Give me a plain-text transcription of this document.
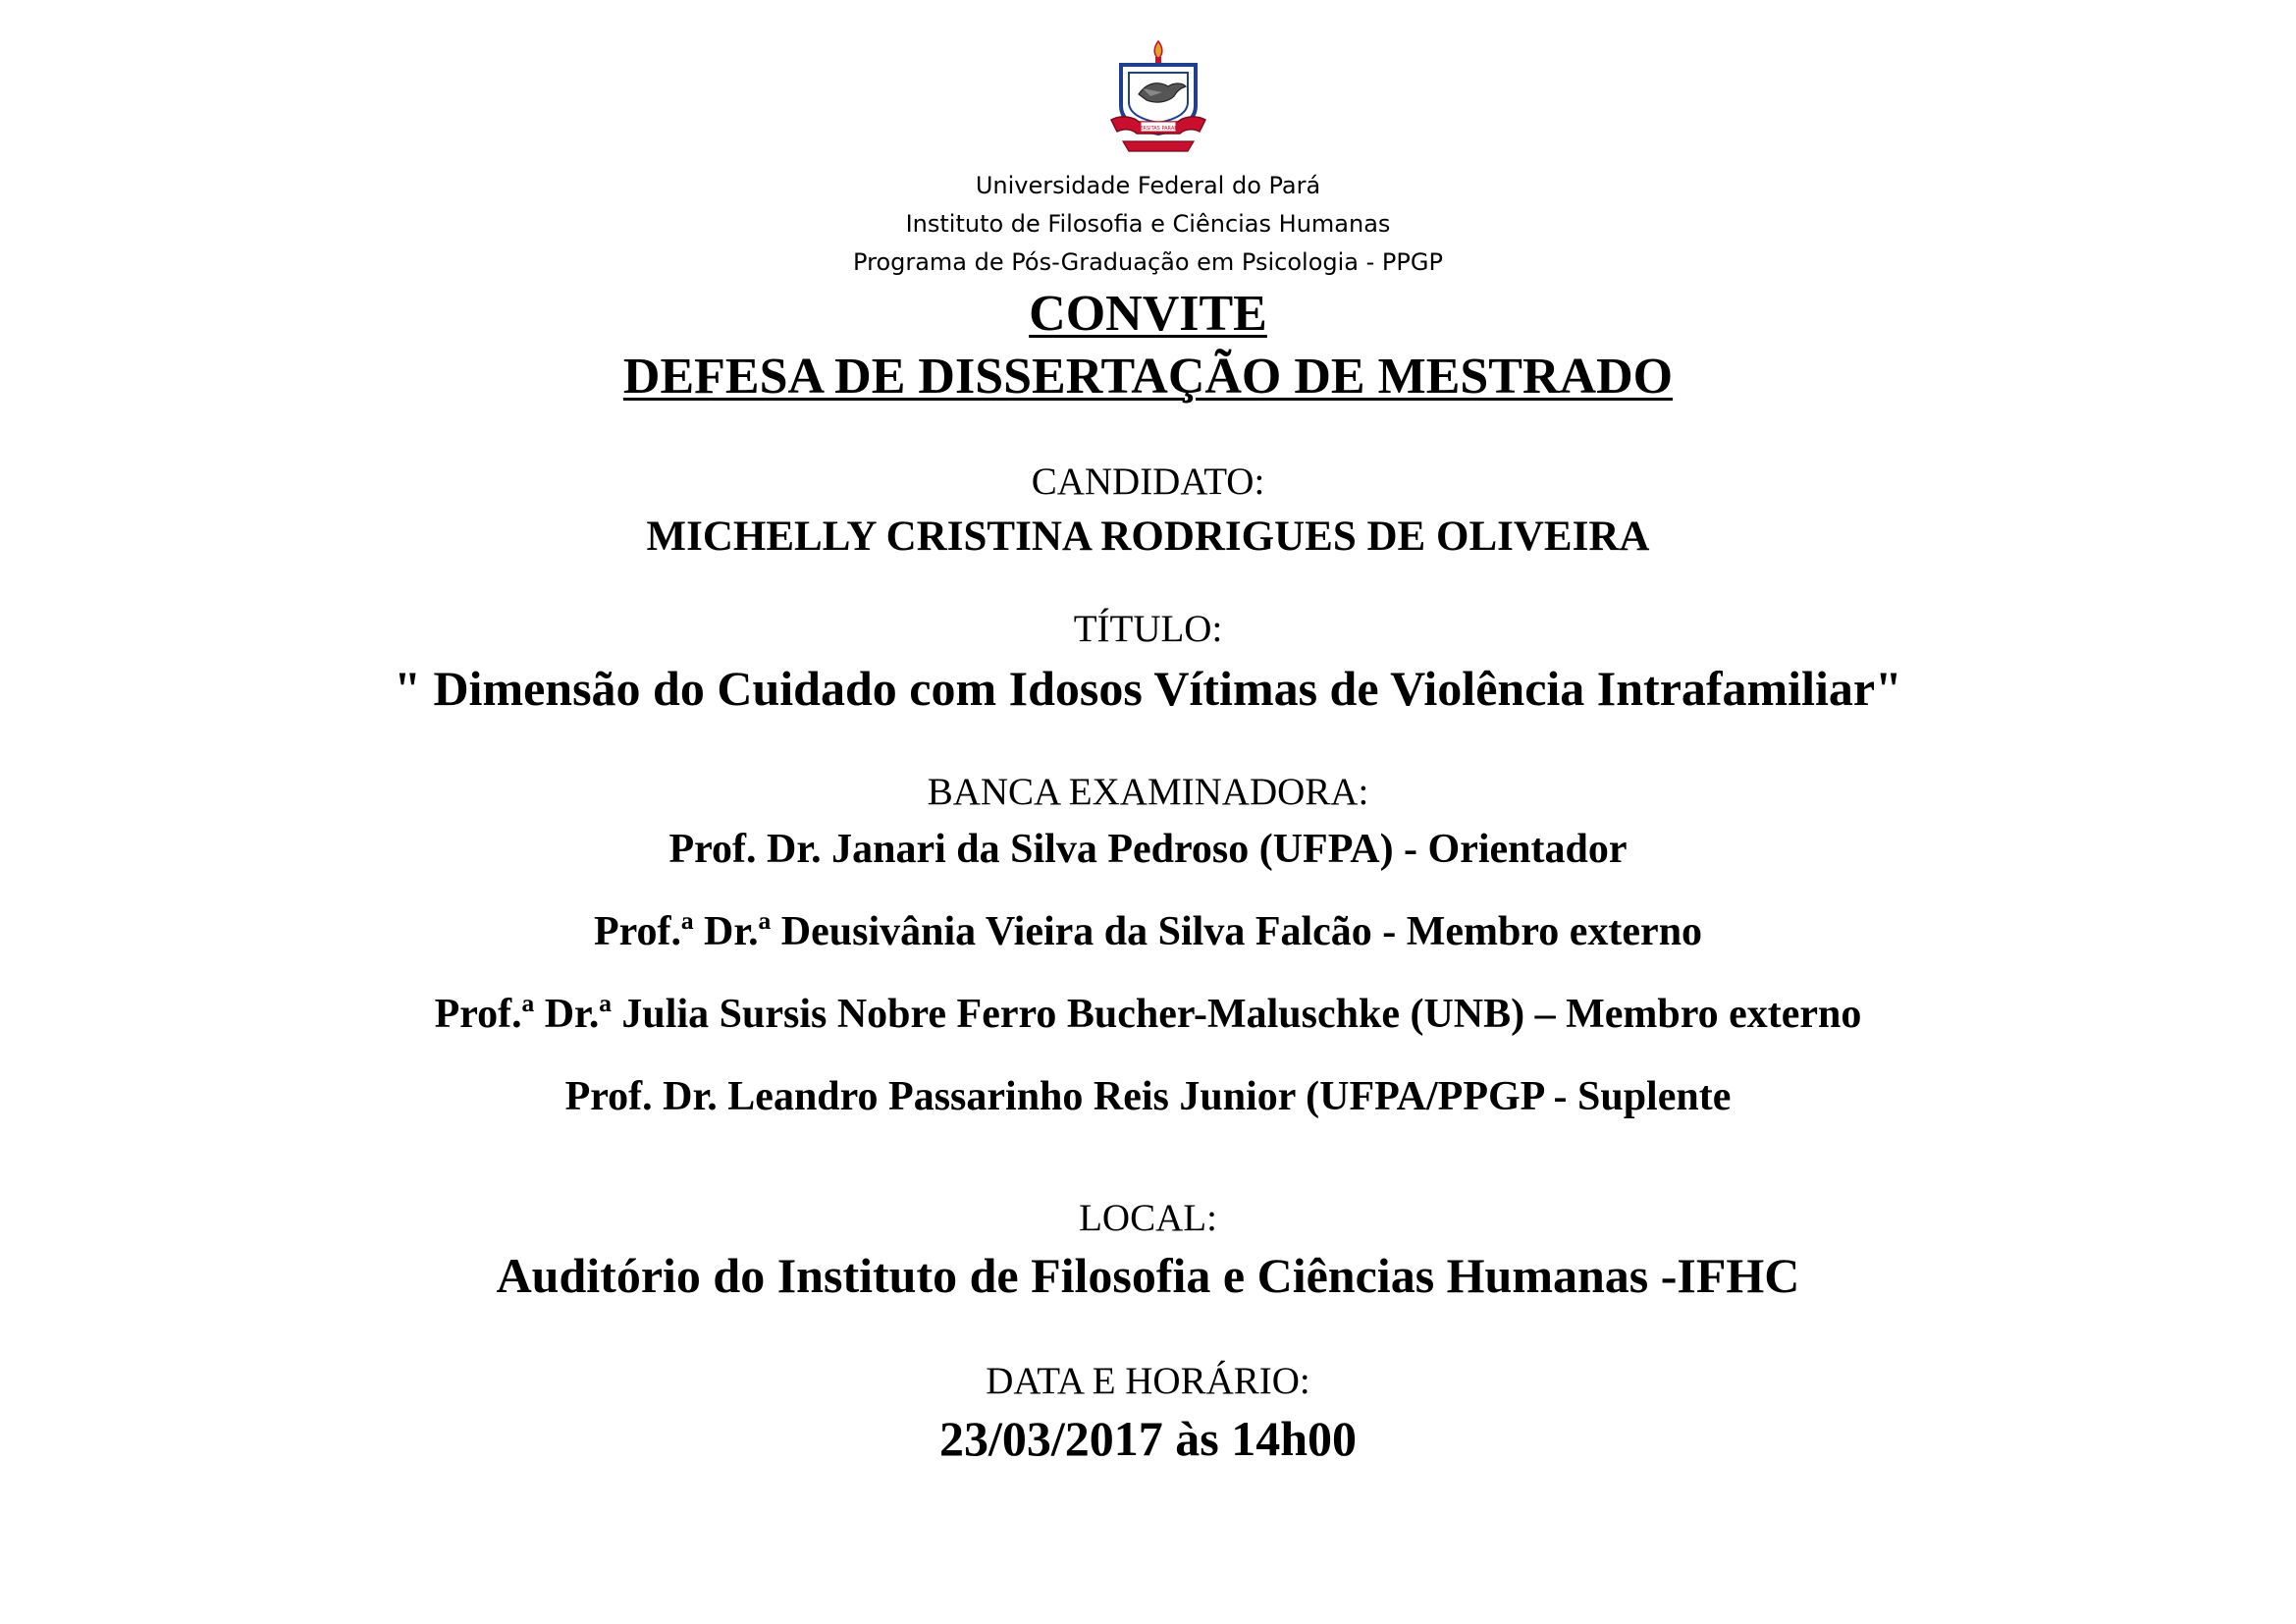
UNIVERSITAS PARAENSIS
Universidade Federal do Pará
Instituto de Filosofia e Ciências Humanas
Programa de Pós-Graduação em Psicologia - PPGP
CONVITE
DEFESA DE DISSERTAÇÃO DE MESTRADO
CANDIDATO:
MICHELLY CRISTINA RODRIGUES DE OLIVEIRA
TÍTULO:
" Dimensão do Cuidado com Idosos Vítimas de Violência Intrafamiliar"
BANCA EXAMINADORA:
Prof. Dr. Janari da Silva Pedroso (UFPA) - Orientador
Prof.ª Dr.ª Deusivânia Vieira da Silva Falcão - Membro externo
Prof.ª Dr.ª Julia Sursis Nobre Ferro Bucher-Maluschke (UNB) – Membro externo
Prof. Dr. Leandro Passarinho Reis Junior (UFPA/PPGP - Suplente
LOCAL:
Auditório do Instituto de Filosofia e Ciências Humanas -IFHC
DATA E HORÁRIO:
23/03/2017 às 14h00
